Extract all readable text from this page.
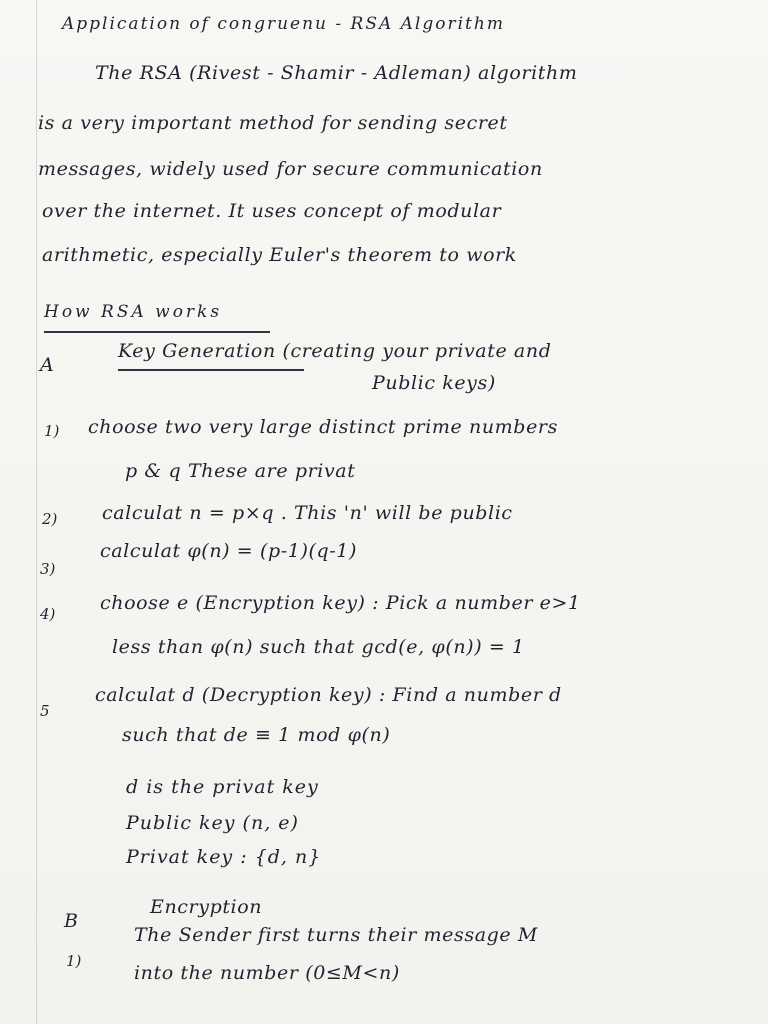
Application of congruenu - RSA Algorithm
The RSA (Rivest - Shamir - Adleman) algorithm
is a very important method for sending secret
messages, widely used for secure communication
over the internet. It uses concept of modular
arithmetic, especially Euler's theorem to work
How RSA works
A
Key Generation (creating your private and
Public keys)
1) choose two very large distinct prime numbers
p & q These are privat
2) calculat n = p×q . This 'n' will be public
3)
calculat φ(n) = (p-1)(q-1)
4) choose e (Encryption key) : Pick a number e>1
less than φ(n) such that gcd(e, φ(n)) = 1
5
calculat d (Decryption key) : Find a number d
such that de ≡ 1 mod φ(n)
d is the privat key
Public key (n, e)
Privat key : {d, n}
B
Encryption
1)
The Sender first turns their message M
into the number (0≤M<n)
